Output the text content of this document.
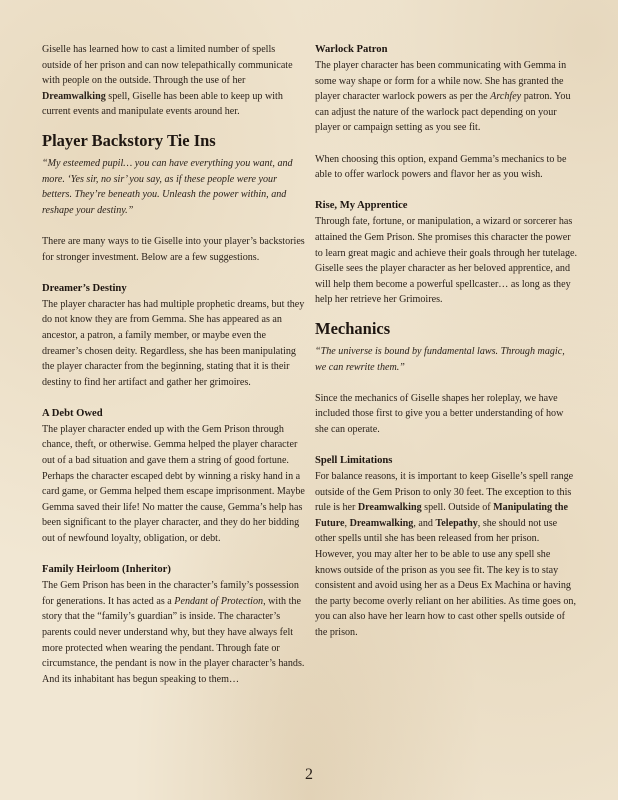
Giselle has learned how to cast a limited number of spells outside of her prison and can now telepathically communicate with people on the outside. Through the use of her Dreamwalking spell, Giselle has been able to keep up with current events and manipulate events around her.

Player Backstory Tie Ins

“My esteemed pupil… you can have everything you want, and more. ‘Yes sir, no sir’ you say, as if these people were your betters. They’re beneath you. Unleash the power within, and reshape your destiny.”

There are many ways to tie Giselle into your player’s backstories for stronger investment. Below are a few suggestions.

Dreamer’s Destiny

The player character has had multiple prophetic dreams, but they do not know they are from Gemma. She has appeared as an ancestor, a patron, a family member, or maybe even the dreamer’s chosen deity. Regardless, she has been manipulating the player character from the beginning, stating that it is their destiny to find her artifact and gather her grimoires.

A Debt Owed

The player character ended up with the Gem Prison through chance, theft, or otherwise. Gemma helped the player character out of a bad situation and gave them a string of good fortune. Perhaps the character escaped debt by winning a risky hand in a card game, or Gemma helped them escape imprisonment. Maybe Gemma saved their life! No matter the cause, Gemma’s help has been significant to the player character, and they do her bidding out of newfound loyalty, obligation, or debt.

Family Heirloom (Inheritor)

The Gem Prison has been in the character’s family’s possession for generations. It has acted as a Pendant of Protection, with the story that the “family’s guardian” is inside. The character’s parents could never understand why, but they have always felt more protected when wearing the pendant. Through fate or circumstance, the pendant is now in the player character’s hands. And its inhabitant has begun speaking to them…

Warlock Patron

The player character has been communicating with Gemma in some way shape or form for a while now. She has granted the player character warlock powers as per the Archfey patron. You can adjust the nature of the warlock pact depending on your player or campaign setting as you see fit.

When choosing this option, expand Gemma’s mechanics to be able to offer warlock powers and flavor her as you wish.

Rise, My Apprentice

Through fate, fortune, or manipulation, a wizard or sorcerer has attained the Gem Prison. She promises this character the power to learn great magic and achieve their goals through her tutelage. Giselle sees the player character as her beloved apprentice, and will help them become a powerful spellcaster… as long as they help her retrieve her Grimoires.

Mechanics

“The universe is bound by fundamental laws. Through magic, we can rewrite them.”

Since the mechanics of Giselle shapes her roleplay, we have included those first to give you a better understanding of how she can operate.

Spell Limitations

For balance reasons, it is important to keep Giselle’s spell range outside of the Gem Prison to only 30 feet. The exception to this rule is her Dreamwalking spell. Outside of Manipulating the Future, Dreamwalking, and Telepathy, she should not use other spells until she has been released from her prison. However, you may alter her to be able to use any spell she knows outside of the prison as you see fit. The key is to stay consistent and avoid using her as a Deus Ex Machina or having the party become overly reliant on her abilities. As time goes on, you can also have her learn how to cast other spells outside of the prison.

2
